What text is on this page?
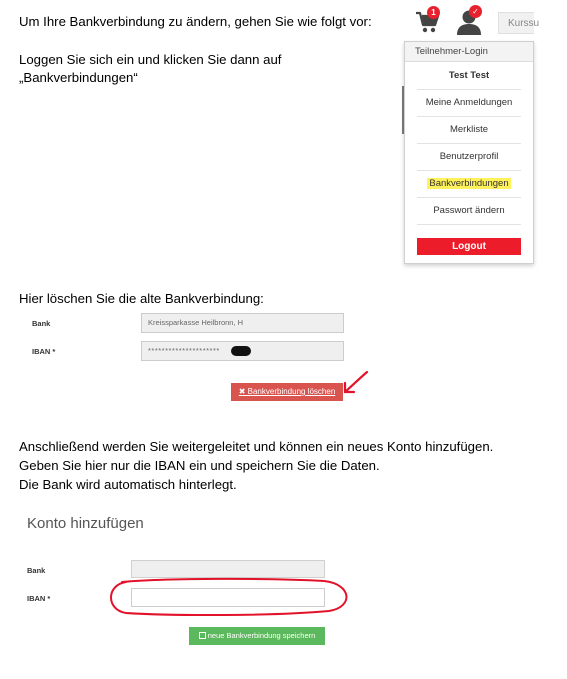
Um Ihre Bankverbindung zu ändern, gehen Sie wie folgt vor:
Loggen Sie sich ein und klicken Sie dann auf
„Bankverbindungen“
1	✓
Kurssu
Teilnehmer-Login
Test Test
Meine Anmeldungen
Merkliste
Benutzerprofil
Bankverbindungen
Passwort ändern
Logout
Hier löschen Sie die alte Bankverbindung:
Bank	Kreissparkasse Heilbronn, H
IBAN *	*********************
✖ Bankverbindung löschen
Anschließend werden Sie weitergeleitet und können ein neues Konto hinzufügen.
Geben Sie hier nur die IBAN ein und speichern Sie die Daten.
Die Bank wird automatisch hinterlegt.
Konto hinzufügen
Bank
IBAN *
neue Bankverbindung speichern
